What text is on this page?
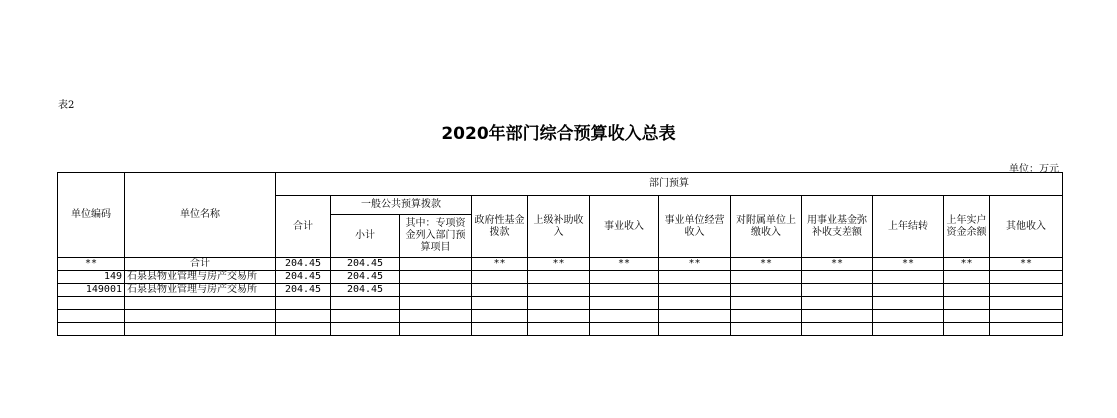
表2
2020年部门综合预算收入总表
单位：万元
单位编码	单位名称	部门预算											
		合计	一般公共预算拨款		政府性基金拨款	上级补助收入	事业收入	事业单位经营收入	对附属单位上缴收入	用事业基金弥补收支差额	上年结转	上年实户资金余额	其他收入
			小计	其中：专项资金列入部门预算项目									
**	合计	204.45	204.45		**	**	**	**	**	**	**	**	**
149	石泉县物业管理与房产交易所	204.45	204.45										
149001	石泉县物业管理与房产交易所	204.45	204.45										
